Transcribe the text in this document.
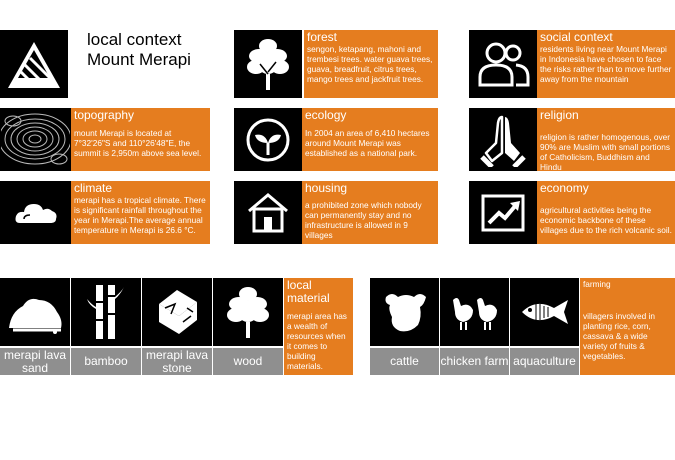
local context
Mount Merapi
forest
sengon, ketapang, mahoni and trembesi trees. water guava trees, guava, breadfruit, citrus trees, mango trees and jackfruit trees.
social context
residents living near Mount Merapi in Indonesia have chosen to face the risks rather than to move further away from the mountain
topography
mount Merapi is located at 7°32'26"S and 110°26'48"E, the summit is 2,950m above sea level.
ecology
In 2004 an area of 6,410 hectares around Mount Merapi was established as a national park.
religion
religion is rather homogenous, over 90% are Muslim with small portions of Catholicism, Buddhism and Hindu
climate
merapi has a tropical climate. There is significant rainfall throughout the year in Merapi.The average annual temperature in Merapi is 26.6 °C.
housing
a prohibited zone which nobody can permanently stay and no infrastructure is allowed in 9 villages
economy
agricultural activities being the economic backbone of these villages due to the rich volcanic soil.
merapi lava sand	bamboo	merapi lava stone	wood
local material
merapi area has a wealth of resources when it comes to building materials.	cattle chicken farm aquaculture
farming
villagers involved in planting rice, corn, cassava & a wide variety of fruits & vegetables.
